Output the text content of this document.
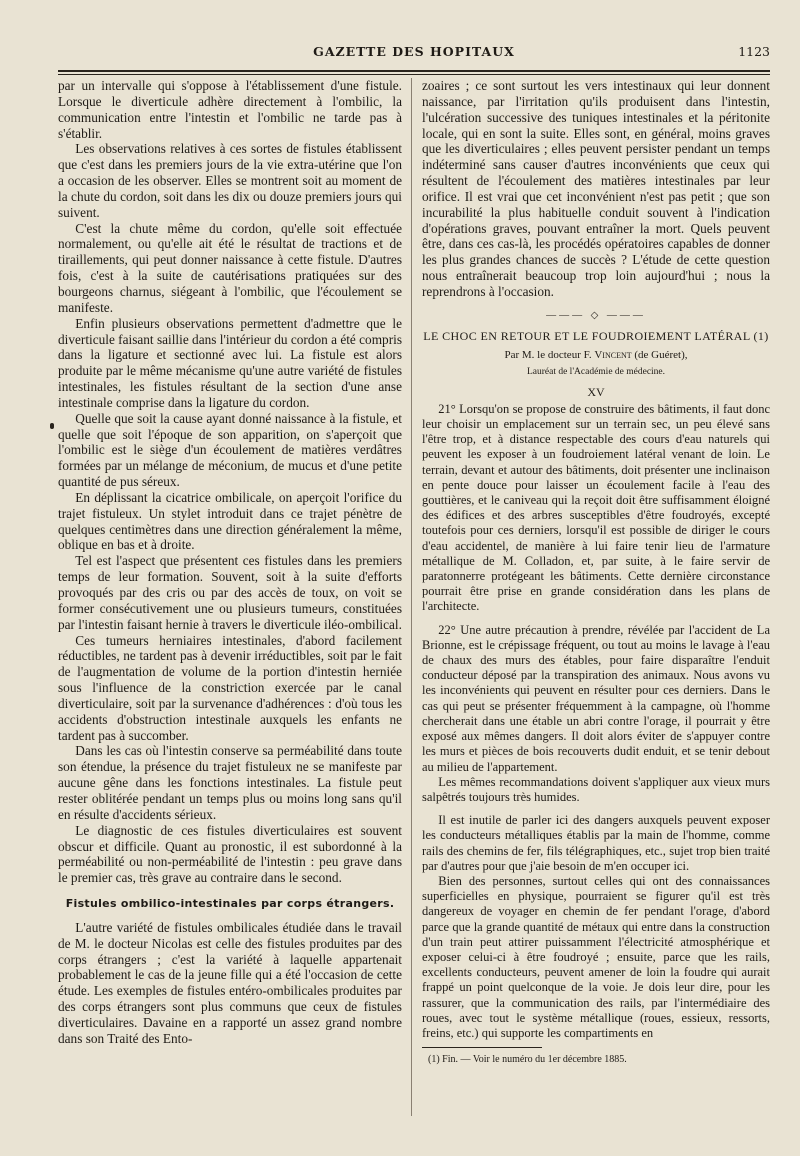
GAZETTE DES HOPITAUX	1123

par un intervalle qui s'oppose à l'établissement d'une fistule. Lorsque le diverticule adhère directement à l'ombilic, la communication entre l'intestin et l'ombilic ne tarde pas à s'établir.

Les observations relatives à ces sortes de fistules établissent que c'est dans les premiers jours de la vie extra-utérine que l'on a occasion de les observer. Elles se montrent soit au moment de la chute du cordon, soit dans les dix ou douze premiers jours qui suivent.

C'est la chute même du cordon, qu'elle soit effectuée normalement, ou qu'elle ait été le résultat de tractions et de tiraillements, qui peut donner naissance à cette fistule. D'autres fois, c'est à la suite de cautérisations pratiquées sur des bourgeons charnus, siégeant à l'ombilic, que l'écoulement se manifeste.

Enfin plusieurs observations permettent d'admettre que le diverticule faisant saillie dans l'intérieur du cordon a été compris dans la ligature et sectionné avec lui. La fistule est alors produite par le même mécanisme qu'une autre variété de fistules intestinales, les fistules résultant de la section d'une anse intestinale comprise dans la ligature du cordon.

Quelle que soit la cause ayant donné naissance à la fistule, et quelle que soit l'époque de son apparition, on s'aperçoit que l'ombilic est le siège d'un écoulement de matières verdâtres formées par un mélange de méconium, de mucus et d'une petite quantité de pus séreux.

En déplissant la cicatrice ombilicale, on aperçoit l'orifice du trajet fistuleux. Un stylet introduit dans ce trajet pénètre de quelques centimètres dans une direction généralement la même, oblique en bas et à droite.

Tel est l'aspect que présentent ces fistules dans les premiers temps de leur formation. Souvent, soit à la suite d'efforts provoqués par des cris ou par des accès de toux, on voit se former consécutivement une ou plusieurs tumeurs, constituées par l'intestin faisant hernie à travers le diverticule iléo-ombilical.

Ces tumeurs herniaires intestinales, d'abord facilement réductibles, ne tardent pas à devenir irréductibles, soit par le fait de l'augmentation de volume de la portion d'intestin herniée sous l'influence de la constriction exercée par le canal diverticulaire, soit par la survenance d'adhérences : d'où tous les accidents d'obstruction intestinale auxquels les enfants ne tardent pas à succomber.

Dans les cas où l'intestin conserve sa perméabilité dans toute son étendue, la présence du trajet fistuleux ne se manifeste par aucune gêne dans les fonctions intestinales. La fistule peut rester oblitérée pendant un temps plus ou moins long sans qu'il en résulte d'accidents sérieux.

Le diagnostic de ces fistules diverticulaires est souvent obscur et difficile. Quant au pronostic, il est subordonné à la perméabilité ou non-perméabilité de l'intestin : peu grave dans le premier cas, très grave au contraire dans le second.

Fistules ombilico-intestinales par corps étrangers.

L'autre variété de fistules ombilicales étudiée dans le travail de M. le docteur Nicolas est celle des fistules produites par des corps étrangers ; c'est la variété à laquelle appartenait probablement le cas de la jeune fille qui a été l'occasion de cette étude. Les exemples de fistules entéro-ombilicales produites par des corps étrangers sont plus communs que ceux de fistules diverticulaires. Davaine en a rapporté un assez grand nombre dans son Traité des Ento-

zoaires ; ce sont surtout les vers intestinaux qui leur donnent naissance, par l'irritation qu'ils produisent dans l'intestin, l'ulcération successive des tuniques intestinales et la péritonite locale, qui en sont la suite. Elles sont, en général, moins graves que les diverticulaires ; elles peuvent persister pendant un temps indéterminé sans causer d'autres inconvénients que ceux qui résultent de l'écoulement des matières intestinales par leur orifice. Il est vrai que cet inconvénient n'est pas petit ; que son incurabilité la plus habituelle conduit souvent à l'indication d'opérations graves, pouvant entraîner la mort. Quels peuvent être, dans ces cas-là, les procédés opératoires capables de donner les plus grandes chances de succès ? L'étude de cette question nous entraînerait beaucoup trop loin aujourd'hui ; nous la reprendrons à l'occasion.

——— ◇ ———
LE CHOC EN RETOUR ET LE FOUDROIEMENT LATÉRAL (1)
Par M. le docteur F. Vincent (de Guéret),
Lauréat de l'Académie de médecine.
XV

21° Lorsqu'on se propose de construire des bâtiments, il faut donc leur choisir un emplacement sur un terrain sec, un peu élevé sans l'être trop, et à distance respectable des cours d'eau naturels qui peuvent les exposer à un foudroiement latéral venant de loin. Le terrain, devant et autour des bâtiments, doit présenter une inclinaison en pente douce pour laisser un écoulement facile à l'eau des gouttières, et le caniveau qui la reçoit doit être suffisamment éloigné des édifices et des arbres susceptibles d'être foudroyés, excepté toutefois pour ces derniers, lorsqu'il est possible de diriger le cours d'eau accidentel, de manière à lui faire tenir lieu de l'armature métallique de M. Colladon, et, par suite, à le faire servir de paratonnerre protégeant les bâtiments. Cette dernière circonstance pourrait être prise en grande considération dans les plans de l'architecte.

22° Une autre précaution à prendre, révélée par l'accident de La Brionne, est le crépissage fréquent, ou tout au moins le lavage à l'eau de chaux des murs des étables, pour faire disparaître l'enduit conducteur déposé par la transpiration des animaux. Nous avons vu les inconvénients qui peuvent en résulter pour ces derniers. Dans le cas qui peut se présenter fréquemment à la campagne, où l'homme chercherait dans une étable un abri contre l'orage, il pourrait y être exposé aux mêmes dangers. Il doit alors éviter de s'appuyer contre les murs et pièces de bois recouverts dudit enduit, et se tenir debout au milieu de l'appartement.

Les mêmes recommandations doivent s'appliquer aux vieux murs salpêtrés toujours très humides.

Il est inutile de parler ici des dangers auxquels peuvent exposer les conducteurs métalliques établis par la main de l'homme, comme rails des chemins de fer, fils télégraphiques, etc., sujet trop bien traité par d'autres pour que j'aie besoin de m'en occuper ici.

Bien des personnes, surtout celles qui ont des connaissances superficielles en physique, pourraient se figurer qu'il est très dangereux de voyager en chemin de fer pendant l'orage, d'abord parce que la grande quantité de métaux qui entre dans la construction d'un train peut attirer puissamment l'électricité atmosphérique et exposer celui-ci à être foudroyé ; ensuite, parce que les rails, excellents conducteurs, peuvent amener de loin la foudre qui aurait frappé un point quelconque de la voie. Je dois leur dire, pour les rassurer, que la communication des rails, par l'intermédiaire des roues, avec tout le système métallique (roues, essieux, ressorts, freins, etc.) qui supporte les compartiments en

(1) Fin. — Voir le numéro du 1er décembre 1885.
